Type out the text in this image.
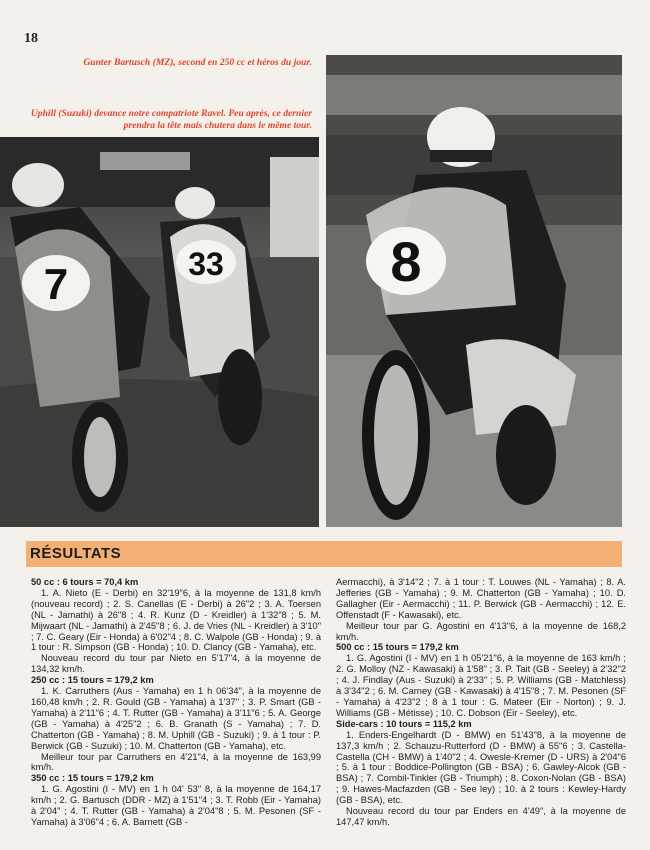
18
Gunter Bartusch (MZ), second en 250 cc et héros du jour.
Uphill (Suzuki) devance notre compatriote Ravel. Peu après, ce dernier prendra la tête mais chutera dans le même tour.
7	33	8
RÉSULTATS

50 cc : 6 tours = 70,4 km

1. A. Nieto (E - Derbi) en 32'19"6, à la moyenne de 131,8 km/h (nouveau record) ; 2. S. Canellas (E - Derbi) à 26"2 ; 3. A. Toersen (NL - Jamathi) à 26"8 ; 4. R. Kunz (D - Kreidler) à 1'32"8 ; 5. M. Mijwaart (NL - Jamathi) à 2'45"8 ; 6. J. de Vries (NL - Kreidler) à 3'10" ; 7. C. Geary (Eir - Honda) à 6'02"4 ; 8. C. Walpole (GB - Honda) ; 9. à 1 tour : R. Simpson (GB - Honda) ; 10. D. Clancy (GB - Yamaha), etc.

Nouveau record du tour par Nieto en 5'17"4, à la moyenne de 134,32 km/h.

250 cc : 15 tours = 179,2 km

1. K. Carruthers (Aus - Yamaha) en 1 h 06'34", à la moyenne de 160,48 km/h ; 2. R. Gould (GB - Yamaha) à 1'37" ; 3. P. Smart (GB - Yamaha) à 2'11"6 ; 4. T. Rutter (GB - Yamaha) à 3'11"6 ; 5. A. George (GB - Yamaha) à 4'25"2 ; 6. B. Granath (S - Yamaha) ; 7. D. Chatterton (GB - Yamaha) ; 8. M. Uphill (GB - Suzuki) ; 9. à 1 tour : P. Berwick (GB - Suzuki) ; 10. M. Chatterton (GB - Yamaha), etc.

Meilleur tour par Carruthers en 4'21"4, à la moyenne de 163,99 km/h.

350 cc : 15 tours = 179,2 km

1. G. Agostini (I - MV) en 1 h 04' 53" 8, à la moyenne de 164,17 km/h ; 2. G. Bartusch (DDR - MZ) à 1'51"4 ; 3. T. Robb (Eir - Yamaha) à 2'04" ; 4. T. Rutter (GB - Yamaha) à 2'04"8 ; 5. M. Pesonen (SF - Yamaha) à 3'06"4 ; 6. A. Barnett (GB -

Aermacchi), à 3'14"2 ; 7. à 1 tour : T. Louwes (NL - Yamaha) ; 8. A. Jefferies (GB - Yamaha) ; 9. M. Chatterton (GB - Yamaha) ; 10. D. Gallagher (Eir - Aermacchi) ; 11. P. Berwick (GB - Aermacchi) ; 12. E. Offenstadt (F - Kawasaki), etc.

Meilleur tour par G. Agostini en 4'13"6, à la moyenne de 168,2 km/h.

500 cc : 15 tours = 179,2 km

1. G. Agostini (I - MV) en 1 h 05'21"6, à la moyenne de 163 km/h ; 2. G. Molloy (NZ - Kawasaki) à 1'58" ; 3. P. Tait (GB - Seeley) à 2'32"2 ; 4. J. Findlay (Aus - Suzuki) à 2'33" ; 5. P. Williams (GB - Matchless) à 3'34"2 ; 6. M. Carney (GB - Kawasaki) à 4'15"8 ; 7. M. Pesonen (SF - Yamaha) à 4'23"2 ; 8 à 1 tour : G. Mateer (Eir - Norton) ; 9. J. Williams (GB - Métisse) ; 10. C. Dobson (Eir - Seeley), etc.

Side-cars : 10 tours = 115,2 km

1. Enders-Engelhardt (D - BMW) en 51'43"8, à la moyenne de 137,3 km/h ; 2. Schauzu-Rutterford (D - BMW) à 55"6 ; 3. Castella-Castella (CH - BMW) à 1'40"2 ; 4. Owesle-Kremer (D - URS) à 2'04"6 ; 5. à 1 tour : Boddice-Pollington (GB - BSA) ; 6. Gawley-Alcok (GB - BSA) ; 7. Cornbil-Tinkler (GB - Triumph) ; 8. Coxon-Nolan (GB - BSA) ; 9. Hawes-Macfazden (GB - See ley) ; 10. à 2 tours : Kewley-Hardy (GB - BSA), etc.

Nouveau record du tour par Enders en 4'49", à la moyenne de 147,47 km/h.
